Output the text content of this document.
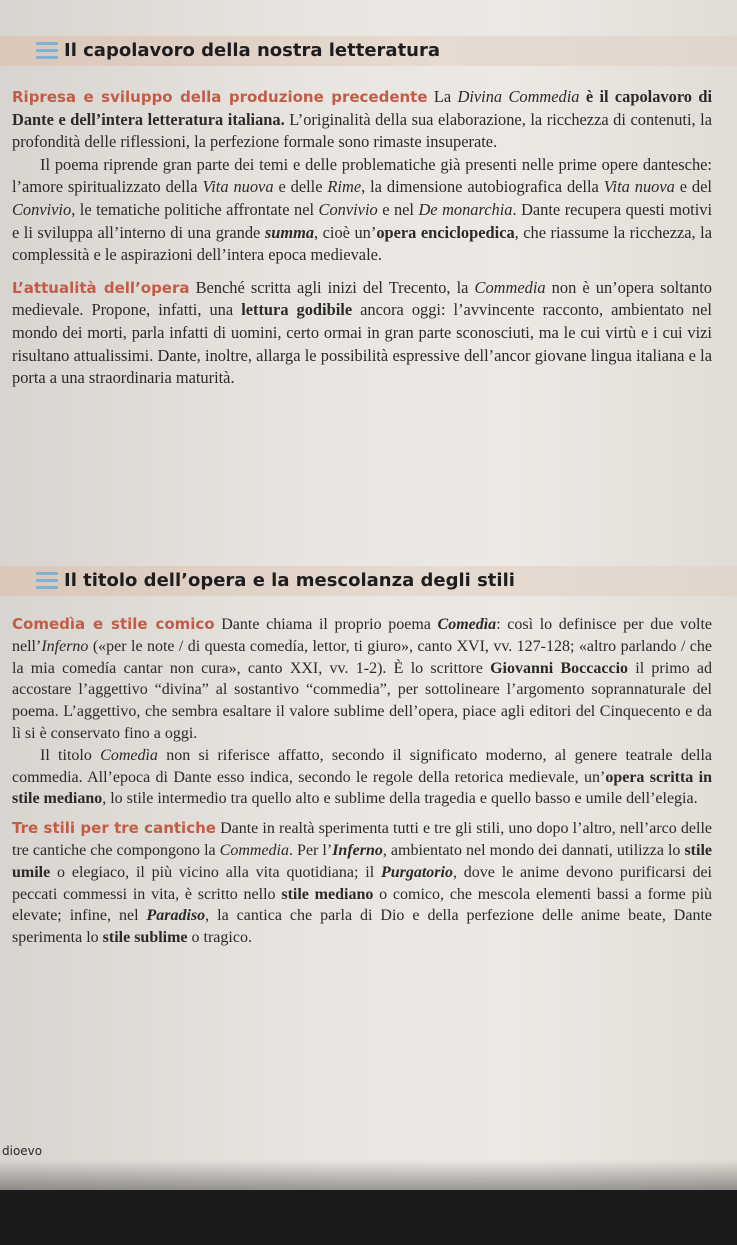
Il capolavoro della nostra letteratura

Ripresa e sviluppo della produzione precedente La Divina Commedia è il capolavoro di Dante e dell’intera letteratura italiana. L’originalità della sua elaborazione, la ricchezza di contenuti, la profondità delle riflessioni, la perfezione formale sono rimaste insuperate.

Il poema riprende gran parte dei temi e delle problematiche già presenti nelle prime opere dantesche: l’amore spiritualizzato della Vita nuova e delle Rime, la dimensione autobiografica della Vita nuova e del Convivio, le tematiche politiche affrontate nel Convivio e nel De monarchia. Dante recupera questi motivi e li sviluppa all’interno di una grande summa, cioè un’opera enciclopedica, che riassume la ricchezza, la complessità e le aspirazioni dell’intera epoca medievale.

L’attualità dell’opera Benché scritta agli inizi del Trecento, la Commedia non è un’opera soltanto medievale. Propone, infatti, una lettura godibile ancora oggi: l’avvincente racconto, ambientato nel mondo dei morti, parla infatti di uomini, certo ormai in gran parte sconosciuti, ma le cui virtù e i cui vizi risultano attualissimi. Dante, inoltre, allarga le possibilità espressive dell’ancor giovane lingua italiana e la porta a una straordinaria maturità.

Il titolo dell’opera e la mescolanza degli stili

Comedìa e stile comico Dante chiama il proprio poema Comedìa: così lo definisce per due volte nell’Inferno («per le note / di questa comedía, lettor, ti giuro», canto XVI, vv. 127-128; «altro parlando / che la mia comedía cantar non cura», canto XXI, vv. 1-2). È lo scrittore Giovanni Boccaccio il primo ad accostare l’aggettivo “divina” al sostantivo “commedia”, per sottolineare l’argomento soprannaturale del poema. L’aggettivo, che sembra esaltare il valore sublime dell’opera, piace agli editori del Cinquecento e da lì si è conservato fino a oggi.

Il titolo Comedìa non si riferisce affatto, secondo il significato moderno, al genere teatrale della commedia. All’epoca di Dante esso indica, secondo le regole della retorica medievale, un’opera scritta in stile mediano, lo stile intermedio tra quello alto e sublime della tragedia e quello basso e umile dell’elegia.

Tre stili per tre cantiche Dante in realtà sperimenta tutti e tre gli stili, uno dopo l’altro, nell’arco delle tre cantiche che compongono la Commedia. Per l’Inferno, ambientato nel mondo dei dannati, utilizza lo stile umile o elegiaco, il più vicino alla vita quotidiana; il Purgatorio, dove le anime devono purificarsi dei peccati commessi in vita, è scritto nello stile mediano o comico, che mescola elementi bassi a forme più elevate; infine, nel Paradiso, la cantica che parla di Dio e della perfezione delle anime beate, Dante sperimenta lo stile sublime o tragico.

dioevo
